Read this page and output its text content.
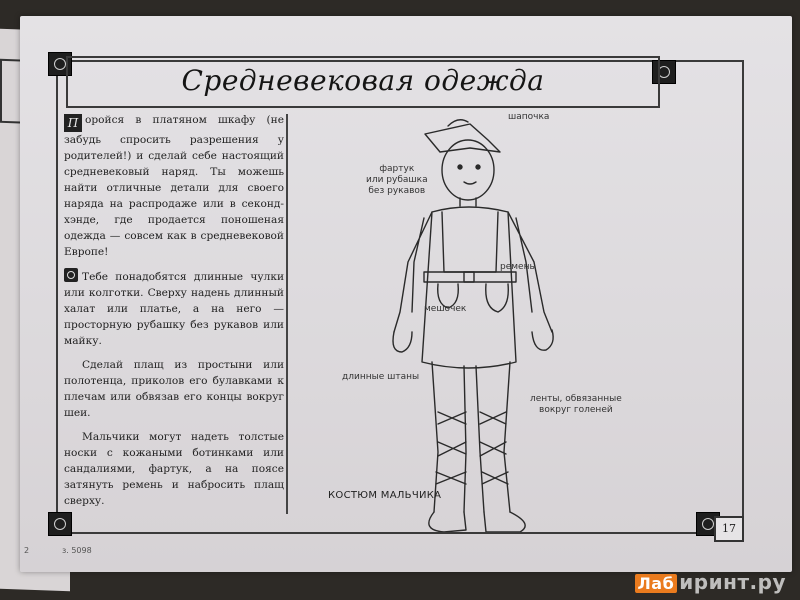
Средневековая одежда

П оройся в платяном шкафу (не забудь спросить разрешения у родителей!) и сделай себе настоящий средневековый наряд. Ты можешь найти отличные детали для своего наряда на распродаже или в секонд-хэнде, где продается поношеная одежда — совсем как в средневековой Европе!

Тебе понадобятся длинные чулки или колготки. Сверху надень длинный халат или платье, а на него — просторную рубашку без рукавов или майку.

Сделай плащ из простыни или полотенца, приколов его булавками к плечам или обвязав его концы вокруг шеи.

Мальчики могут надеть толстые носки с кожаными ботинками или сандалиями, фартук, а на поясе затянуть ремень и набросить плащ сверху.

шапочка
фартук
или рубашка
без рукавов
ремень
мешочек
длинные штаны
ленты, обвязанные
вокруг голеней
КОСТЮМ МАЛЬЧИКА
17
2	з. 5098
Лаб иринт.ру
